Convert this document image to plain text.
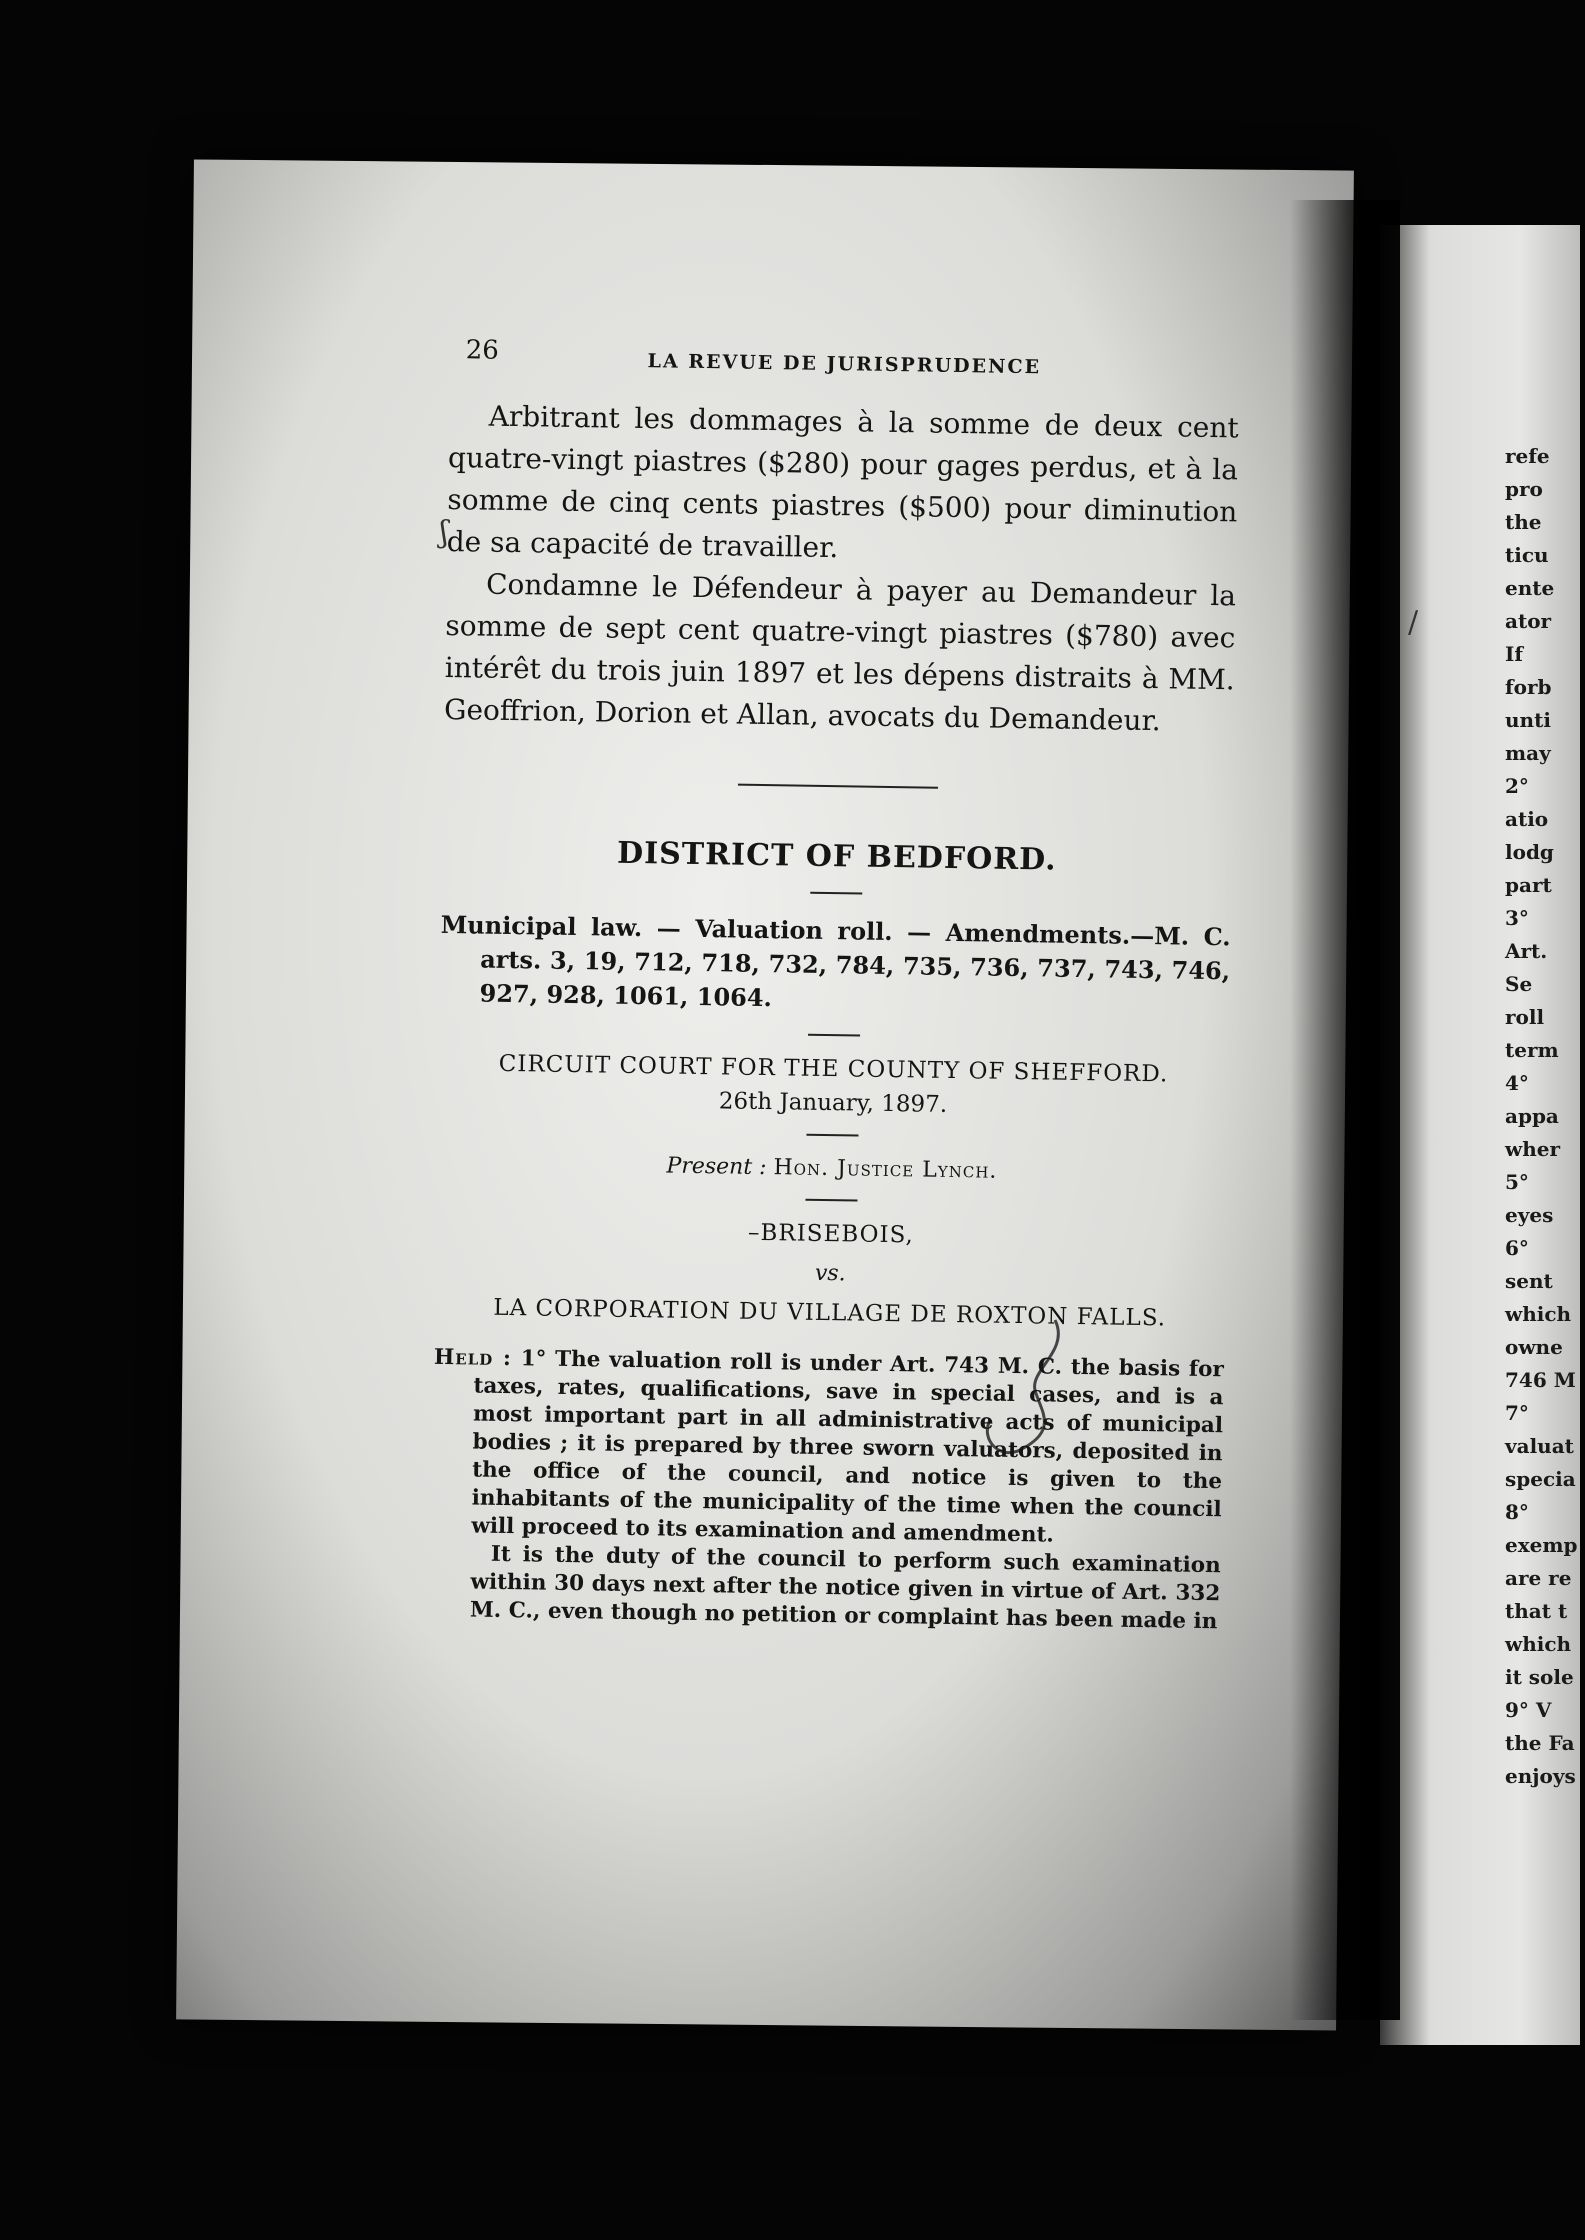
refe
pro
the
ticu
ente
ator
If
forb
unti
may
2°
atio
lodg
part
3°
Art.
Se
roll
term
4°
appa
wher
5°
eyes
6°
sent
which
owne
746 M
7°
valuat
specia
8°
exemp
are re
that t
which
it sole
9° V
the Fa
enjoys
ʃ
/
26	LA REVUE DE JURISPRUDENCE

Arbitrant les dommages à la somme de deux cent quatre-vingt piastres ($280) pour gages perdus, et à la somme de cinq cents piastres ($500) pour diminution de sa capacité de travailler.

Condamne le Défendeur à payer au Demandeur la somme de sept cent quatre-vingt piastres ($780) avec intérêt du trois juin 1897 et les dépens distraits à MM. Geoffrion, Dorion et Allan, avocats du Demandeur.

DISTRICT OF BEDFORD.

Municipal law. — Valuation roll. — Amendments.—M. C. arts. 3, 19, 712, 718, 732, 784, 735, 736, 737, 743, 746, 927, 928, 1061, 1064.

CIRCUIT COURT FOR THE COUNTY OF SHEFFORD.
26th January, 1897.
Present : Hon. Justice Lynch.
–BRISEBOIS,
vs.
LA CORPORATION DU VILLAGE DE ROXTON FALLS.

Held : 1° The valuation roll is under Art. 743 M. C. the basis for taxes, rates, qualifications, save in special cases, and is a most important part in all administrative acts of municipal bodies ; it is prepared by three sworn valuators, deposited in the office of the council, and notice is given to the inhabitants of the municipality of the time when the council will proceed to its examination and amendment.

It is the duty of the council to perform such examination within 30 days next after the notice given in virtue of Art. 332 M. C., even though no petition or complaint has been made in
